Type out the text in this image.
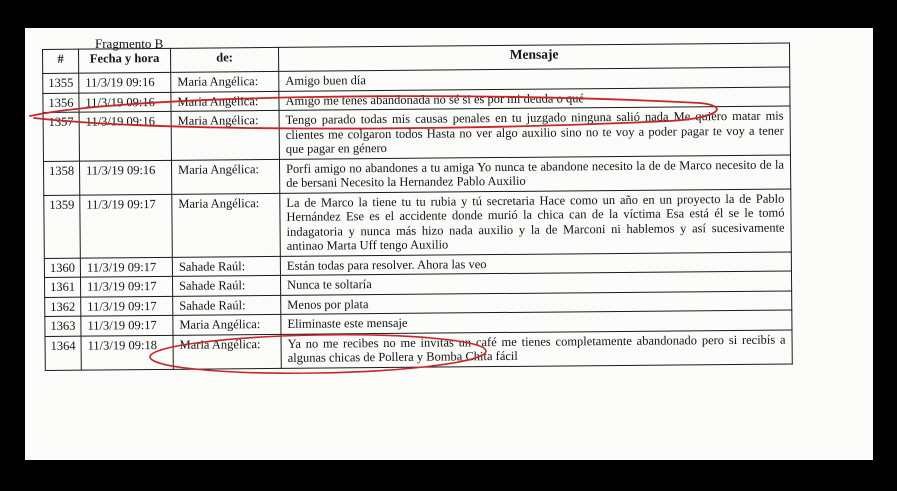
Fragmento B
#	Fecha y hora	de:	Mensaje
1355	11/3/19 09:16	Maria Angélica:	Amigo buen día
1356	11/3/19 09:16	Maria Angélica:	Amigo me tenés abandonada no sé si es por mi deuda o qué
1357	11/3/19 09:16	Maria Angélica:	Tengo parado todas mis causas penales en tu juzgado ninguna salió nada Me quiero matar mis clientes me colgaron todos Hasta no ver algo auxilio sino no te voy a poder pagar te voy a tener que pagar en género
1358	11/3/19 09:16	Maria Angélica:	Porfi amigo no abandones a tu amiga Yo nunca te abandone necesito la de de Marco necesito de la de bersani Necesito la Hernandez Pablo Auxilio
1359	11/3/19 09:17	Maria Angélica:	La de Marco la tiene tu tu rubia y tú secretaria Hace como un año en un proyecto la de Pablo Hernández Ese es el accidente donde murió la chica can de la víctima Esa está él se le tomó indagatoria y nunca más hizo nada auxilio y la de Marconi ni hablemos y así sucesivamente antinao Marta Uff tengo Auxilio
1360	11/3/19 09:17	Sahade Raúl:	Están todas para resolver. Ahora las veo
1361	11/3/19 09:17	Sahade Raúl:	Nunca te soltaría
1362	11/3/19 09:17	Sahade Raúl:	Menos por plata
1363	11/3/19 09:17	Maria Angélica:	Eliminaste este mensaje
1364	11/3/19 09:18	Maria Angélica:	Ya no me recibes no me invitas un café me tienes completamente abandonado pero si recibís a algunas chicas de Pollera y Bomba Chita fácil
